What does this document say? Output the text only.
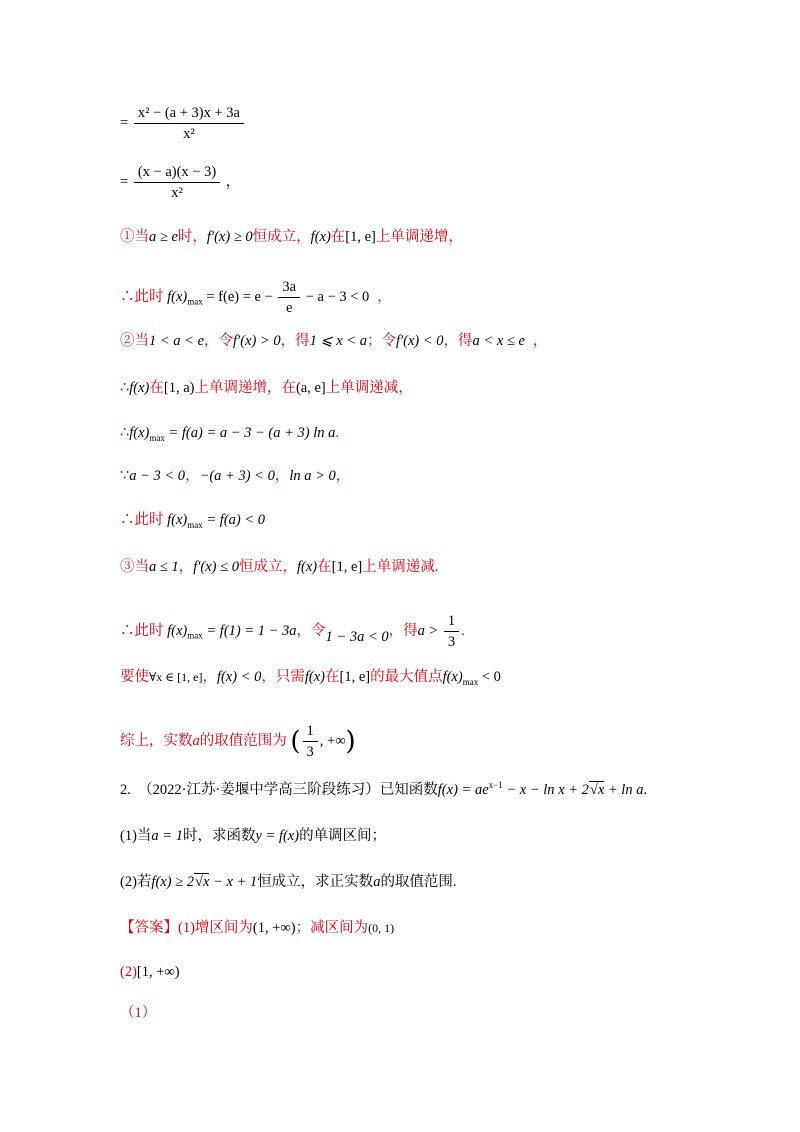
= $\frac{\text{x² − (a + 3)x + 3a}}{\text{x²}}$
= $\frac{(x - a)(x - 3)}{\text{x²}}$ ，
①当a ≥ e时，f′(x) ≥ 0恒成立，f(x)在[1, e]上单调递增，
∴此时 $f(x)_{max} = f(e) = e - \frac{3a}{e} - a - 3 < 0$ ，
②当1 < a < e，令f′(x) > 0，得1 ⩽ x < a；令f′(x) < 0，得a < x ≤ e ，
∴f(x)在[1, a)上单调递增，在(a, e]上单调递减，
$\therefore f(x)_{max} = f(a) = a - 3 - (a + 3)$ ln a.
∵a − 3 < 0，−(a + 3) < 0，ln a > 0，
∴此时 $f(x)_{max} = f(a) < 0$
③当a ≤ 1，f′(x) ≤ 0恒成立，f(x)在[1, e]上单调递减.
∴此时 $f(x)_{max} = f(1) = 1 - 3a$，令1 − 3a < 0，得$a > \frac{1}{3}$ .
要使∀x ∈ [1, e]，f(x) < 0，只需f(x)在[1, e]的最大值点$f(x)_{max} < 0$
综上，实数a的取值范围为 ( $\frac{1}{3}$ , +∞)
2.　（2022·江苏·姜堰中学高三阶段练习）已知函数$f(x) = ae^{x-1} - x - \ln x + 2√x + \ln a$.
(1)当a = 1时，求函数y = f(x)的单调区间；
(2)若f(x) ≥ 2√x − x + 1恒成立，求正实数a的取值范围.
【答案】(1)增区间为(1, +∞)；减区间为(0, 1)
(2)[1, +∞)
（1）
